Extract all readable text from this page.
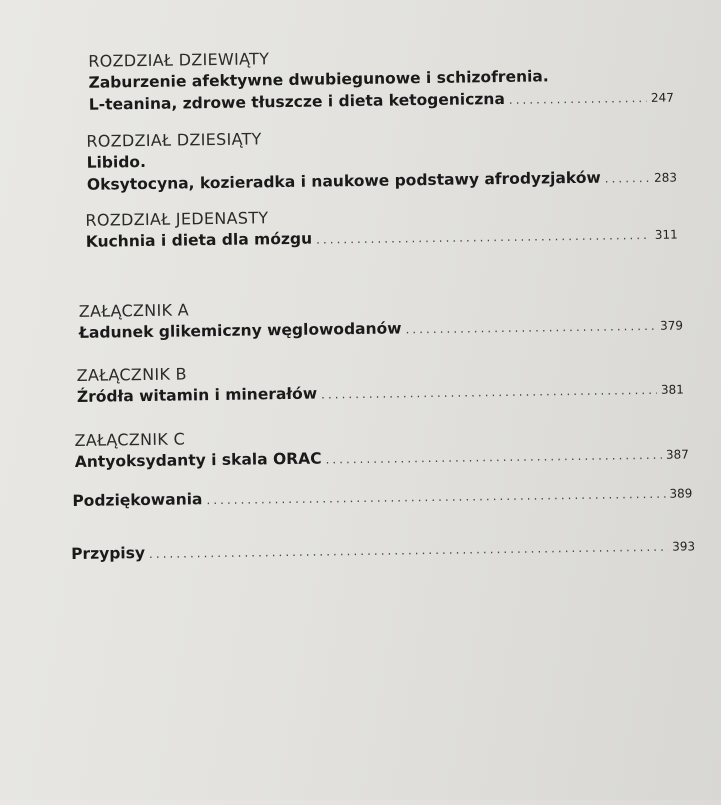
ROZDZIAŁ DZIEWIĄTY
Zaburzenie afektywne dwubiegunowe i schizofrenia.
L-teanina, zdrowe tłuszcze i dieta ketogeniczna .....	247
ROZDZIAŁ DZIESIĄTY
Libido.
Oksytocyna, kozieradka i naukowe podstawy afrodyzjaków .....	283
ROZDZIAŁ JEDENASTY
Kuchnia i dieta dla mózgu .....	311
ZAŁĄCZNIK A
Ładunek glikemiczny węglowodanów .....	379
ZAŁĄCZNIK B
Źródła witamin i minerałów .....	381
ZAŁĄCZNIK C
Antyoksydanty i skala ORAC .....	387
Podziękowania .....	389
Przypisy .....	393
